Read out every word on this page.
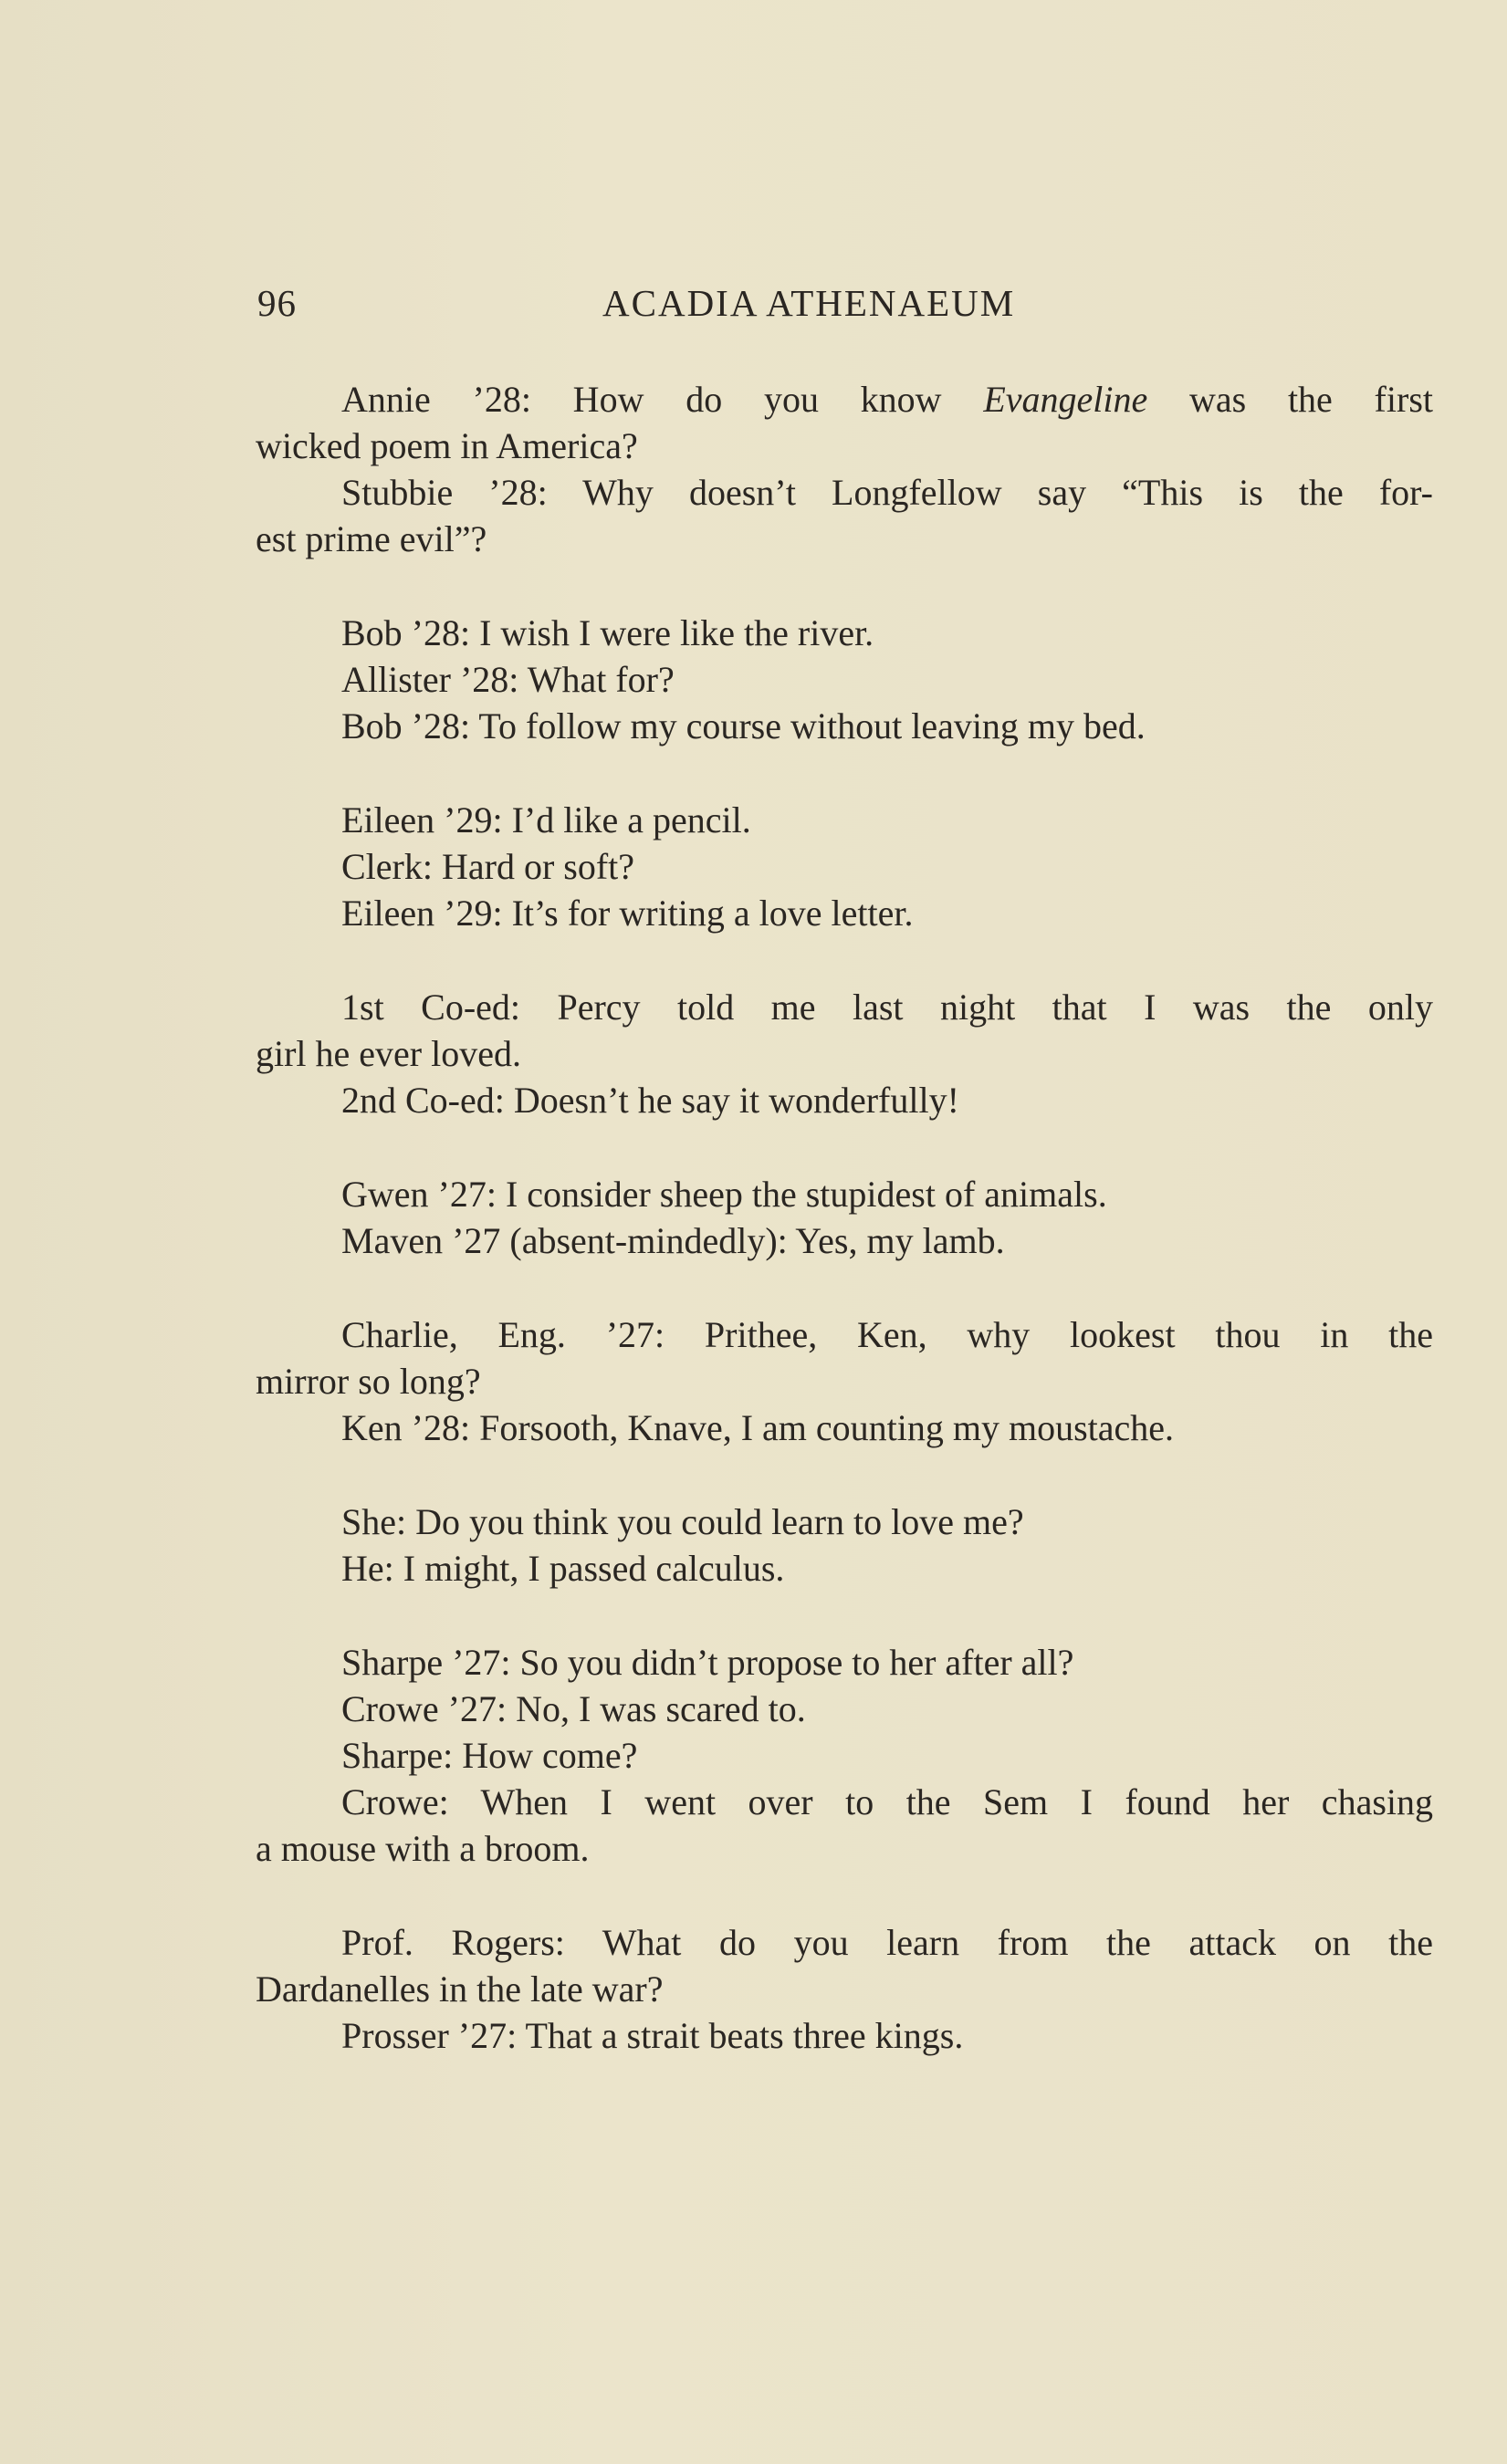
96	ACADIA ATHENAEUM
Annie ’28: How do you know Evangeline was the first
wicked poem in America?
Stubbie ’28: Why doesn’t Longfellow say “This is the for-
est prime evil”?
Bob ’28: I wish I were like the river.
Allister ’28: What for?
Bob ’28: To follow my course without leaving my bed.
Eileen ’29: I’d like a pencil.
Clerk: Hard or soft?
Eileen ’29: It’s for writing a love letter.
1st Co-ed: Percy told me last night that I was the only
girl he ever loved.
2nd Co-ed: Doesn’t he say it wonderfully!
Gwen ’27: I consider sheep the stupidest of animals.
Maven ’27 (absent-mindedly): Yes, my lamb.
Charlie, Eng. ’27: Prithee, Ken, why lookest thou in the
mirror so long?
Ken ’28: Forsooth, Knave, I am counting my moustache.
She: Do you think you could learn to love me?
He: I might, I passed calculus.
Sharpe ’27: So you didn’t propose to her after all?
Crowe ’27: No, I was scared to.
Sharpe: How come?
Crowe: When I went over to the Sem I found her chasing
a mouse with a broom.
Prof. Rogers: What do you learn from the attack on the
Dardanelles in the late war?
Prosser ’27: That a strait beats three kings.
